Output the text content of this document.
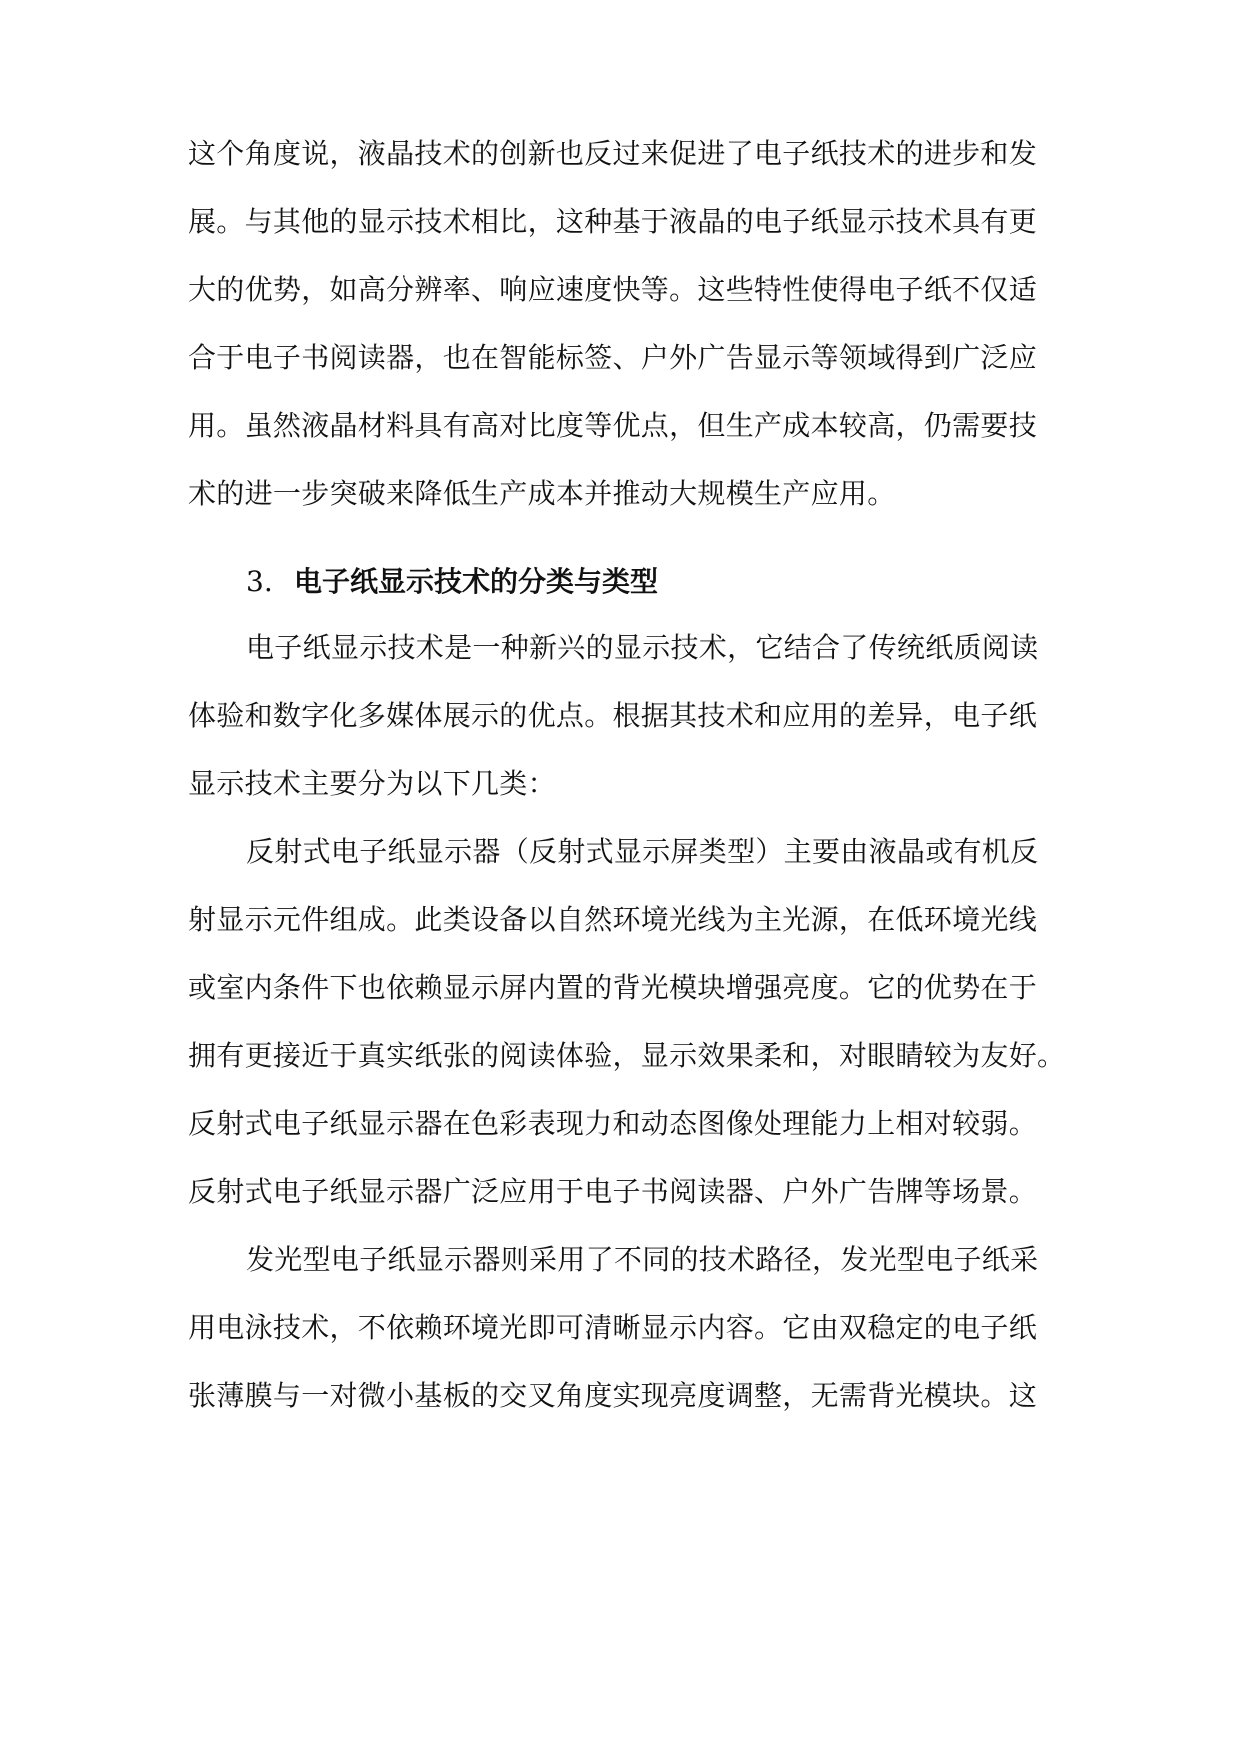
这个角度说，液晶技术的创新也反过来促进了电子纸技术的进步和发
展。与其他的显示技术相比，这种基于液晶的电子纸显示技术具有更
大的优势，如高分辨率、响应速度快等。这些特性使得电子纸不仅适
合于电子书阅读器，也在智能标签、户外广告显示等领域得到广泛应
用。虽然液晶材料具有高对比度等优点，但生产成本较高，仍需要技
术的进一步突破来降低生产成本并推动大规模生产应用。
3. 电子纸显示技术的分类与类型
电子纸显示技术是一种新兴的显示技术，它结合了传统纸质阅读
体验和数字化多媒体展示的优点。根据其技术和应用的差异，电子纸
显示技术主要分为以下几类：
反射式电子纸显示器（反射式显示屏类型）主要由液晶或有机反
射显示元件组成。此类设备以自然环境光线为主光源，在低环境光线
或室内条件下也依赖显示屏内置的背光模块增强亮度。它的优势在于
拥有更接近于真实纸张的阅读体验，显示效果柔和，对眼睛较为友好。
反射式电子纸显示器在色彩表现力和动态图像处理能力上相对较弱。
反射式电子纸显示器广泛应用于电子书阅读器、户外广告牌等场景。
发光型电子纸显示器则采用了不同的技术路径，发光型电子纸采
用电泳技术，不依赖环境光即可清晰显示内容。它由双稳定的电子纸
张薄膜与一对微小基板的交叉角度实现亮度调整，无需背光模块。这
